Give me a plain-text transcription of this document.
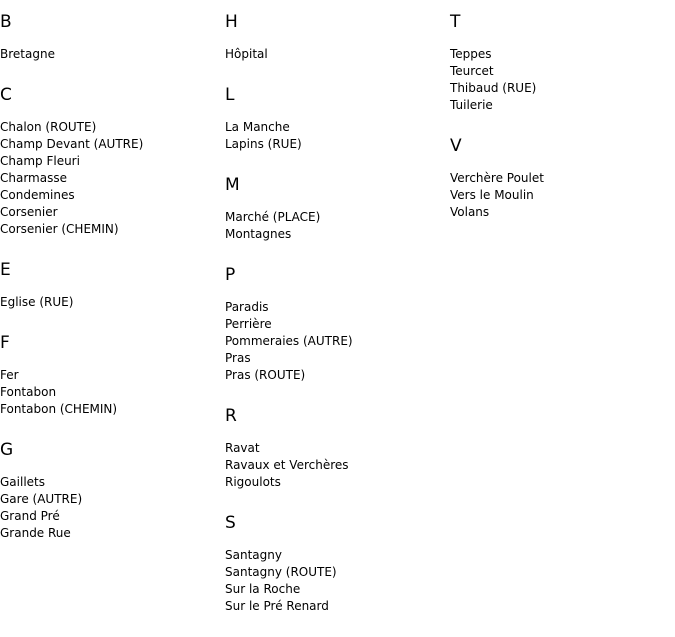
B
Bretagne
C
Chalon (ROUTE)
Champ Devant (AUTRE)
Champ Fleuri
Charmasse
Condemines
Corsenier
Corsenier (CHEMIN)
E
Eglise (RUE)
F
Fer
Fontabon
Fontabon (CHEMIN)
G
Gaillets
Gare (AUTRE)
Grand Pré
Grande Rue
H
Hôpital
L
La Manche
Lapins (RUE)
M
Marché (PLACE)
Montagnes
P
Paradis
Perrière
Pommeraies (AUTRE)
Pras
Pras (ROUTE)
R
Ravat
Ravaux et Verchères
Rigoulots
S
Santagny
Santagny (ROUTE)
Sur la Roche
Sur le Pré Renard
T
Teppes
Teurcet
Thibaud (RUE)
Tuilerie
V
Verchère Poulet
Vers le Moulin
Volans
